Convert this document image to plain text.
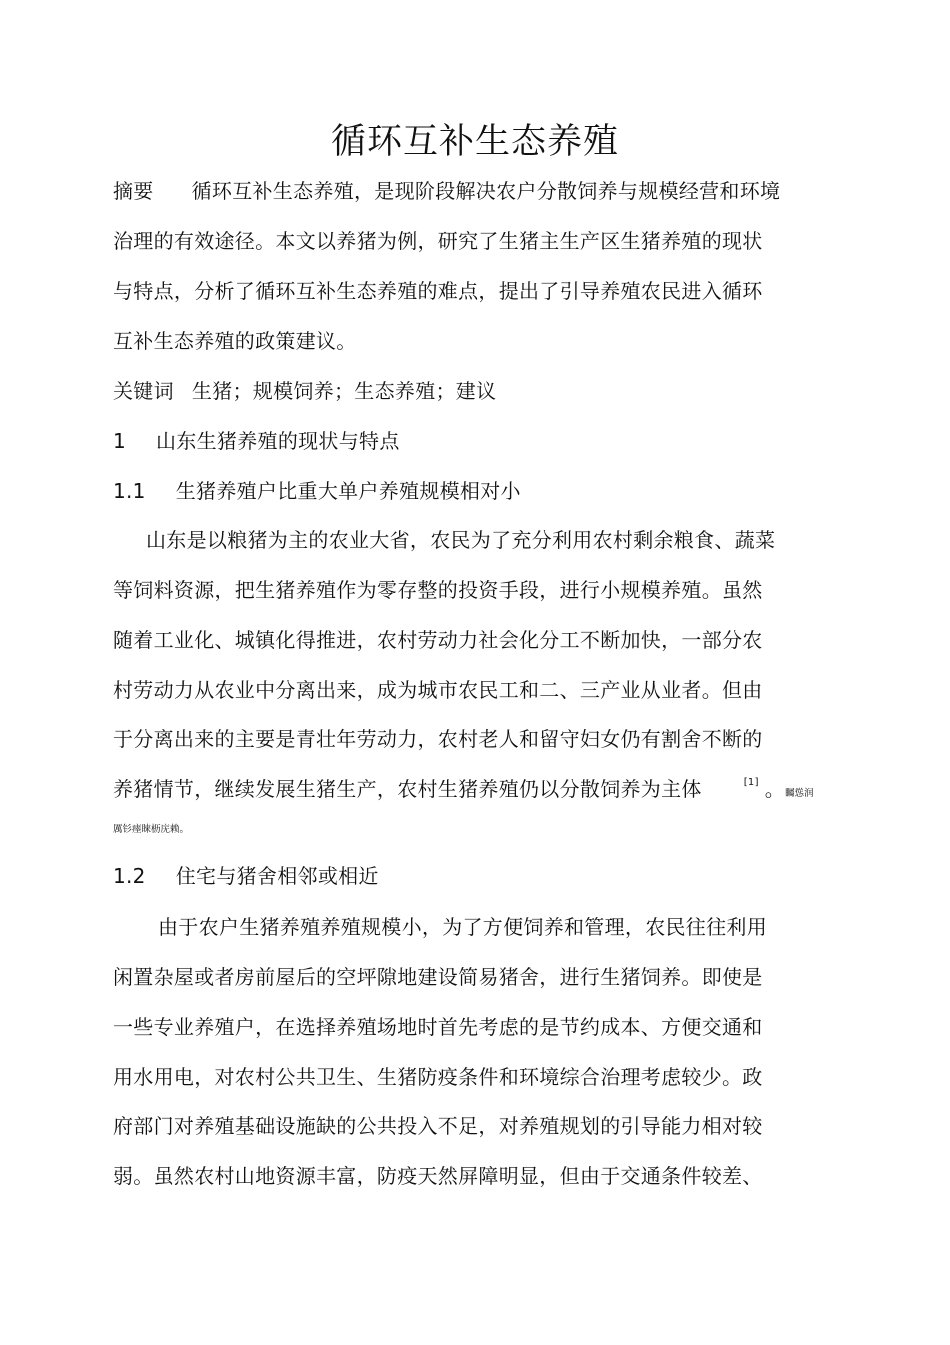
循环互补生态养殖
摘要 循环互补生态养殖，是现阶段解决农户分散饲养与规模经营和环境
治理的有效途径。本文以养猪为例，研究了生猪主生产区生猪养殖的现状
与特点，分析了循环互补生态养殖的难点，提出了引导养殖农民进入循环
互补生态养殖的政策建议。
关键词 生猪；规模饲养；生态养殖；建议
1 山东生猪养殖的现状与特点
1.1 生猪养殖户比重大单户养殖规模相对小
山东是以粮猪为主的农业大省，农民为了充分利用农村剩余粮食、蔬菜
等饲料资源，把生猪养殖作为零存整的投资手段，进行小规模养殖。虽然
随着工业化、城镇化得推进，农村劳动力社会化分工不断加快，一部分农
村劳动力从农业中分离出来，成为城市农民工和二、三产业从业者。但由
于分离出来的主要是青壮年劳动力，农村老人和留守妇女仍有割舍不断的
养猪情节，继续发展生猪生产，农村生猪养殖仍以分散饲养为主体	[1] 。矚慫润
厲钐瘗睞枥庑赖。
1.2 住宅与猪舍相邻或相近
由于农户生猪养殖养殖规模小，为了方便饲养和管理，农民往往利用
闲置杂屋或者房前屋后的空坪隙地建设简易猪舍，进行生猪饲养。即使是
一些专业养殖户，在选择养殖场地时首先考虑的是节约成本、方便交通和
用水用电，对农村公共卫生、生猪防疫条件和环境综合治理考虑较少。政
府部门对养殖基础设施缺的公共投入不足，对养殖规划的引导能力相对较
弱。虽然农村山地资源丰富，防疫天然屏障明显，但由于交通条件较差、
